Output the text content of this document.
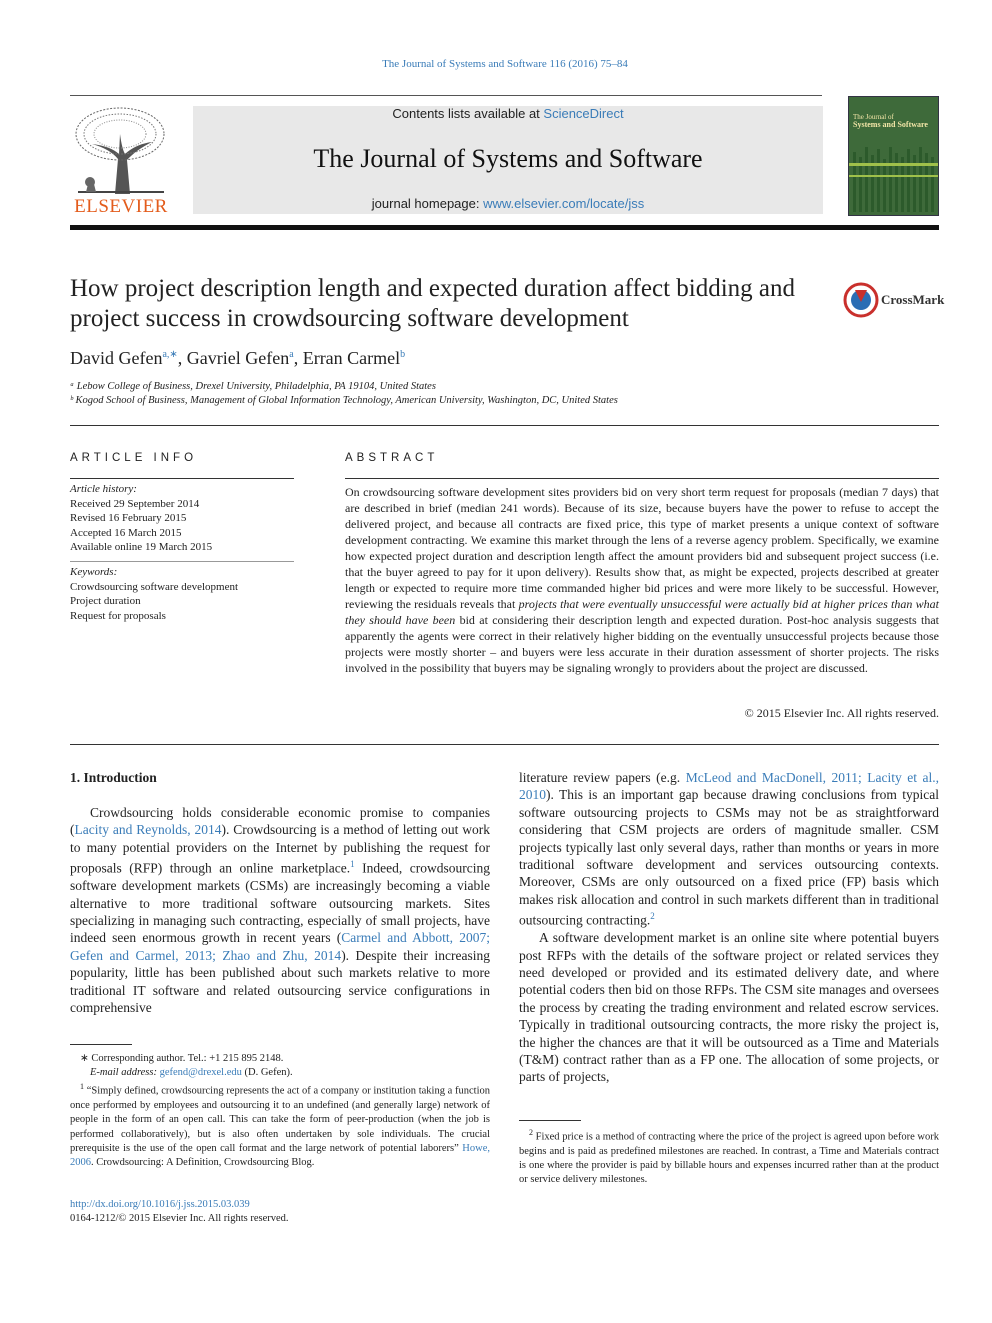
The Journal of Systems and Software 116 (2016) 75–84
ELSEVIER
Contents lists available at ScienceDirect
The Journal of Systems and Software
journal homepage: www.elsevier.com/locate/jss
The Journal of
Systems and Software
How project description length and expected duration affect bidding and project success in crowdsourcing software development
CrossMark
David Gefen$^{a,∗}$, Gavriel Gefen$^a$, Erran Carmel$^b$
ᵃ Lebow College of Business, Drexel University, Philadelphia, PA 19104, United States
ᵇ Kogod School of Business, Management of Global Information Technology, American University, Washington, DC, United States
ARTICLE INFO
Article history:
Received 29 September 2014
Revised 16 February 2015
Accepted 16 March 2015
Available online 19 March 2015
Keywords:
Crowdsourcing software development
Project duration
Request for proposals
ABSTRACT

On crowdsourcing software development sites providers bid on very short term request for proposals (median 7 days) that are described in brief (median 241 words). Because of its size, because buyers have the power to refuse to accept the delivered project, and because all contracts are fixed price, this type of market presents a unique context of software development contracting. We examine this market through the lens of a reverse agency problem. Specifically, we examine how expected project duration and description length affect the amount providers bid and subsequent project success (i.e. that the buyer agreed to pay for it upon delivery). Results show that, as might be expected, projects described at greater length or expected to require more time commanded higher bid prices and were more likely to be successful. However, reviewing the residuals reveals that projects that were eventually unsuccessful were actually bid at higher prices than what they should have been bid at considering their description length and expected duration. Post-hoc analysis suggests that apparently the agents were correct in their relatively higher bidding on the eventually unsuccessful projects because those projects were mostly shorter – and buyers were less accurate in their duration assessment of shorter projects. The risks involved in the possibility that buyers may be signaling wrongly to providers about the project are discussed.

© 2015 Elsevier Inc. All rights reserved.
1. Introduction

Crowdsourcing holds considerable economic promise to companies (Lacity and Reynolds, 2014). Crowdsourcing is a method of letting out work to many potential providers on the Internet by publishing the request for proposals (RFP) through an online marketplace.$^1$ Indeed, crowdsourcing software development markets (CSMs) are increasingly becoming a viable alternative to more traditional software outsourcing markets. Sites specializing in managing such contracting, especially of small projects, have indeed seen enormous growth in recent years (Carmel and Abbott, 2007; Gefen and Carmel, 2013; Zhao and Zhu, 2014). Despite their increasing popularity, little has been published about such markets relative to more traditional IT software and related outsourcing service configurations in comprehensive

literature review papers (e.g. McLeod and MacDonell, 2011; Lacity et al., 2010). This is an important gap because drawing conclusions from typical software outsourcing projects to CSMs may not be as straightforward considering that CSM projects are orders of magnitude smaller. CSM projects typically last only several days, rather than months or years in more traditional software development and services outsourcing contexts. Moreover, CSMs are only outsourced on a fixed price (FP) basis which makes risk allocation and control in such markets different than in traditional outsourcing contracting.$^2$

A software development market is an online site where potential buyers post RFPs with the details of the software project or related services they need developed or provided and its estimated delivery date, and where potential coders then bid on those RFPs. The CSM site manages and oversees the process by creating the trading environment and related escrow services. Typically in traditional outsourcing contracts, the more risky the project is, the higher the chances are that it will be outsourced as a Time and Materials (T&M) contract rather than as a FP one. The allocation of some projects, or parts of projects,

∗ Corresponding author. Tel.: +1 215 895 2148.

E-mail address: gefend@drexel.edu (D. Gefen).

$^1$ “Simply defined, crowdsourcing represents the act of a company or institution taking a function once performed by employees and outsourcing it to an undefined (and generally large) network of people in the form of an open call. This can take the form of peer-production (when the job is performed collaboratively), but is also often undertaken by sole individuals. The crucial prerequisite is the use of the open call format and the large network of potential laborers” Howe, 2006. Crowdsourcing: A Definition, Crowdsourcing Blog.

http://dx.doi.org/10.1016/j.jss.2015.03.039

0164-1212/© 2015 Elsevier Inc. All rights reserved.

$^2$ Fixed price is a method of contracting where the price of the project is agreed upon before work begins and is paid as predefined milestones are reached. In contrast, a Time and Materials contract is one where the provider is paid by billable hours and expenses incurred rather than at the product or service delivery milestones.
